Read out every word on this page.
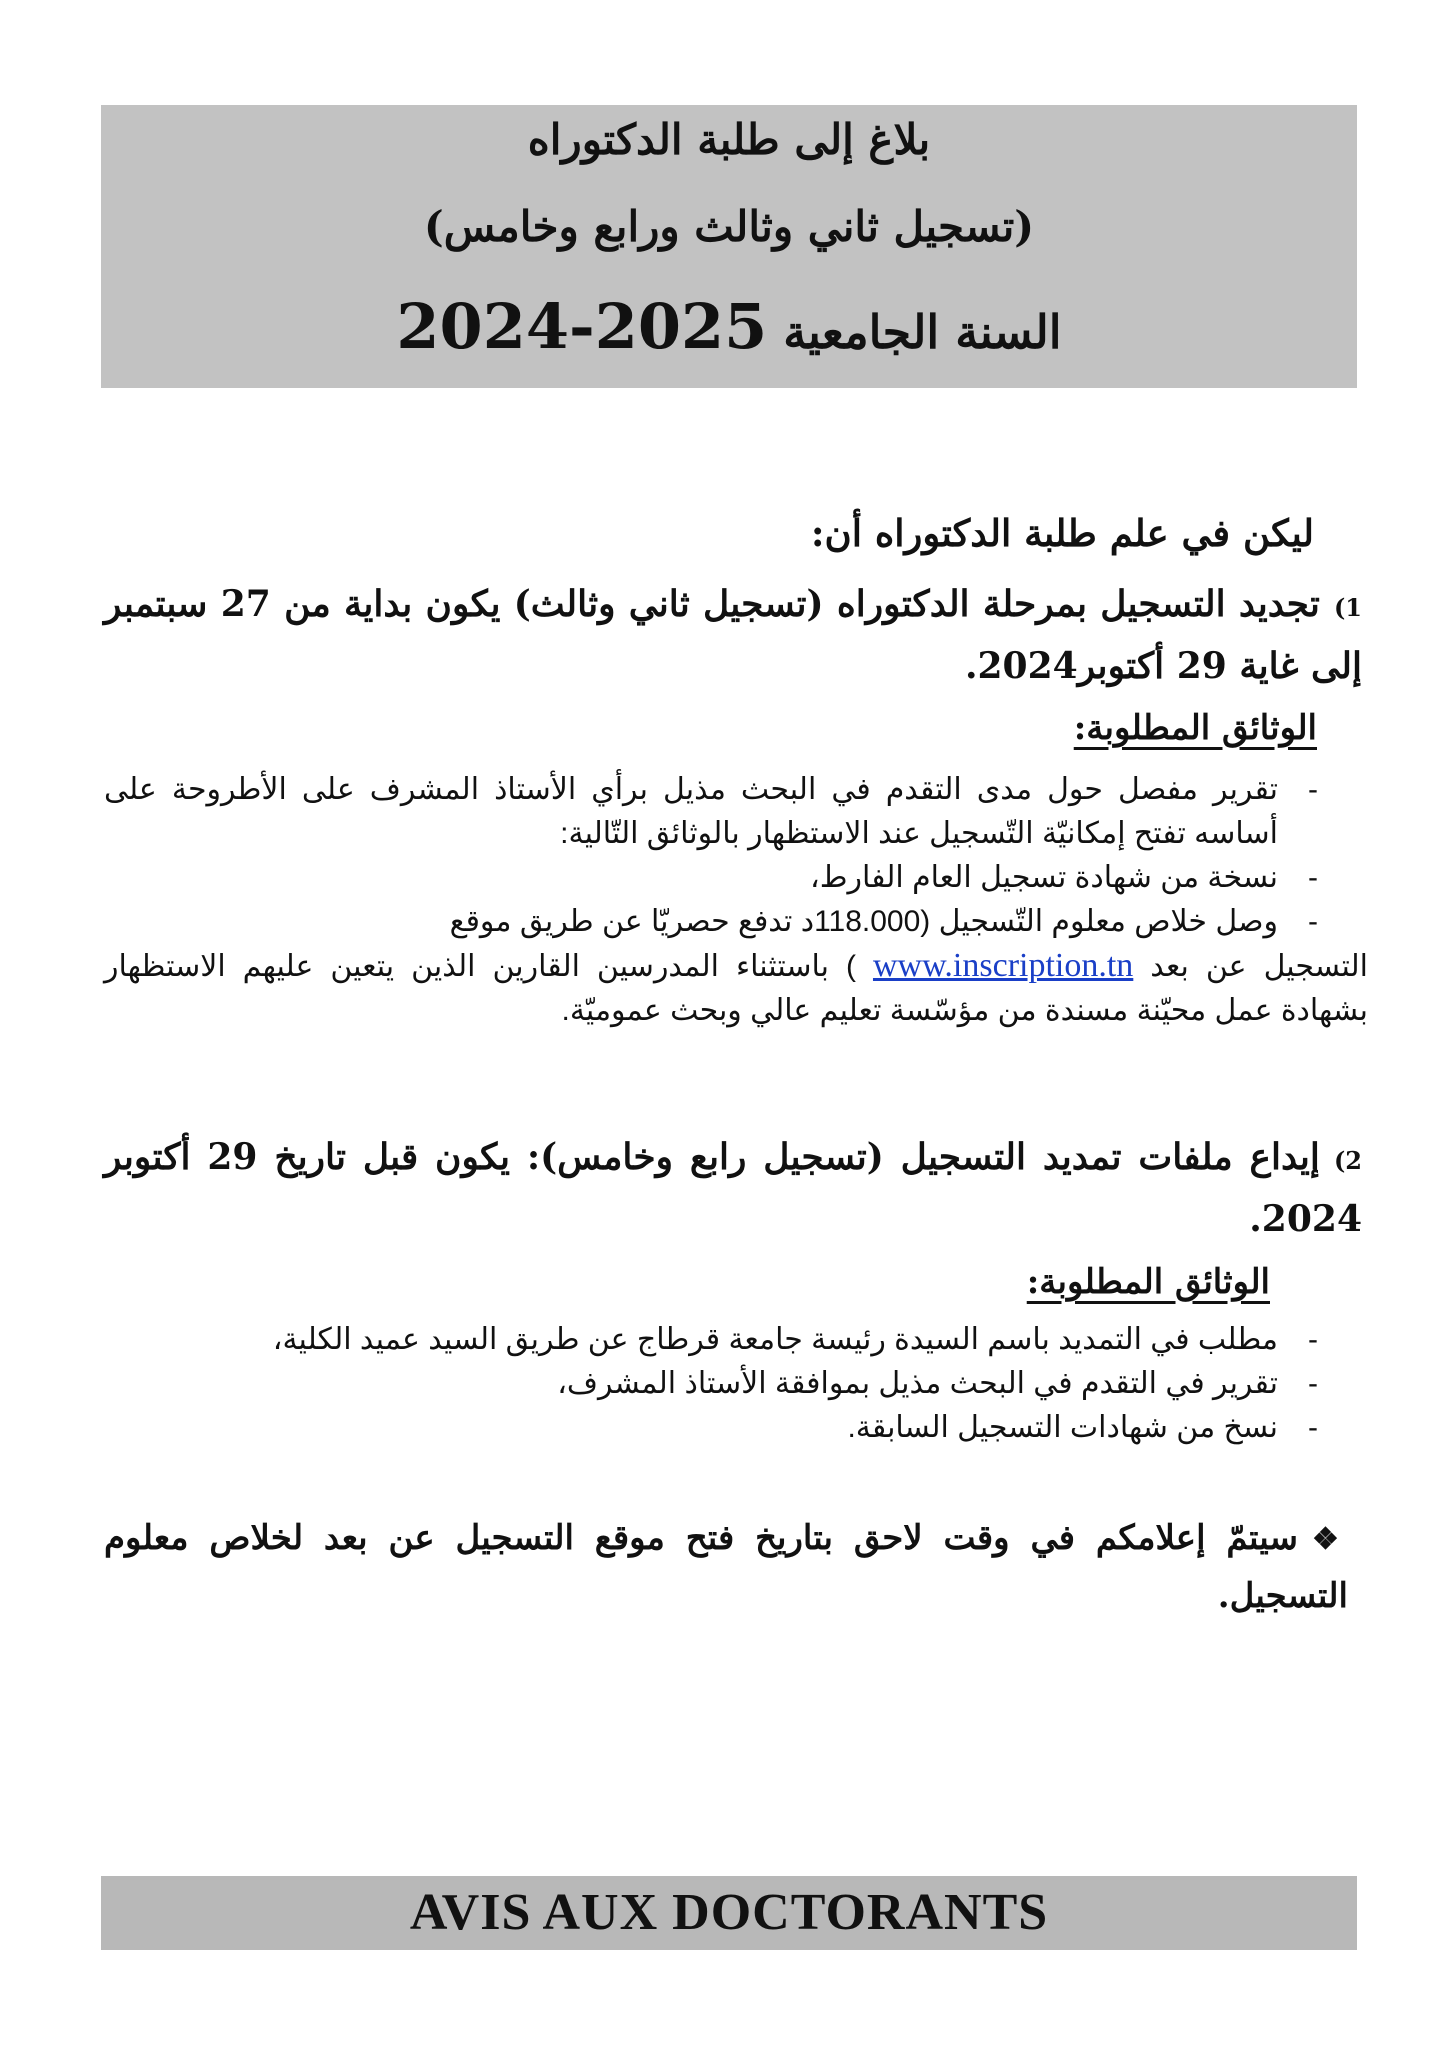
بلاغ إلى طلبة الدكتوراه
(تسجيل ثاني وثالث ورابع وخامس)
السنة الجامعية 2025-2024
ليكن في علم طلبة الدكتوراه أن:
1)تجديد التسجيل بمرحلة الدكتوراه (تسجيل ثاني وثالث) يكون بداية من 27 سبتمبر إلى غاية 29 أكتوبر2024.
الوثائق المطلوبة:
-
تقرير مفصل حول مدى التقدم في البحث مذيل برأي الأستاذ المشرف على الأطروحة على أساسه تفتح إمكانيّة التّسجيل عند الاستظهار بالوثائق التّالية:
-
نسخة من شهادة تسجيل العام الفارط،
-
وصل خلاص معلوم التّسجيل (118.000د تدفع حصريّا عن طريق موقع
التسجيل عن بعد www.inscription.tn ) باستثناء المدرسين القارين الذين يتعين عليهم الاستظهار بشهادة عمل محيّنة مسندة من مؤسّسة تعليم عالي وبحث عموميّة.
2)إيداع ملفات تمديد التسجيل (تسجيل رابع وخامس): يكون قبل تاريخ 29 أكتوبر 2024.
الوثائق المطلوبة:
-
مطلب في التمديد باسم السيدة رئيسة جامعة قرطاج عن طريق السيد عميد الكلية،
-
تقرير في التقدم في البحث مذيل بموافقة الأستاذ المشرف،
-
نسخ من شهادات التسجيل السابقة.
❖سيتمّ إعلامكم في وقت لاحق بتاريخ فتح موقع التسجيل عن بعد لخلاص معلوم التسجيل.
AVIS AUX DOCTORANTS
